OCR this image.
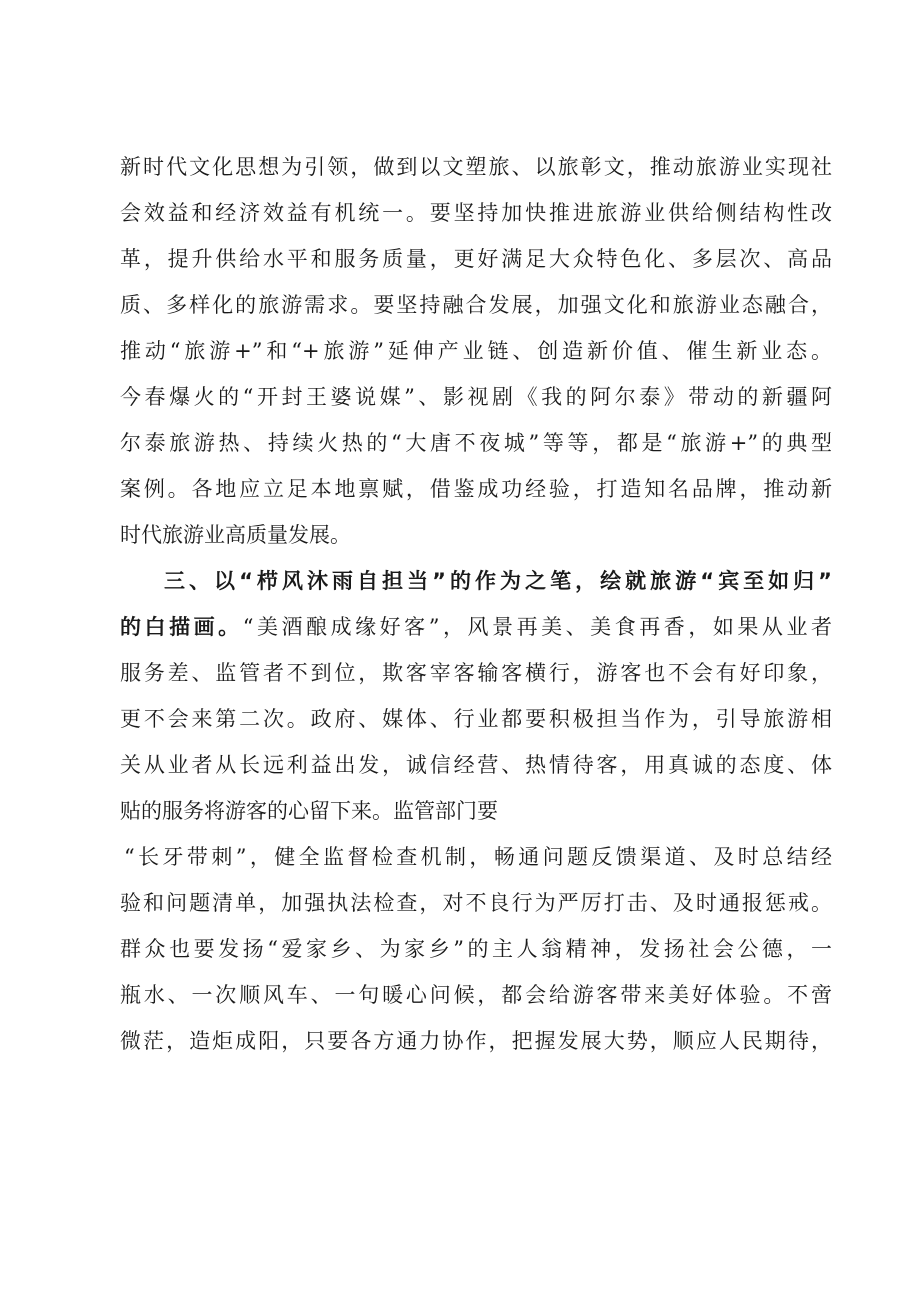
新时代文化思想为引领，做到以文塑旅、以旅彰文，推动旅游业实现社
会效益和经济效益有机统一。要坚持加快推进旅游业供给侧结构性改
革，提升供给水平和服务质量，更好满足大众特色化、多层次、高品
质、多样化的旅游需求。要坚持融合发展，加强文化和旅游业态融合，
推动“旅游+”和“+旅游”延伸产业链、创造新价值、催生新业态。
今春爆火的“开封王婆说媒”、影视剧《我的阿尔泰》带动的新疆阿
尔泰旅游热、持续火热的“大唐不夜城”等等，都是“旅游+”的典型
案例。各地应立足本地禀赋，借鉴成功经验，打造知名品牌，推动新
时代旅游业高质量发展。
三、以“栉风沐雨自担当”的作为之笔，绘就旅游“宾至如归”
的白描画。“美酒酿成缘好客”，风景再美、美食再香，如果从业者
服务差、监管者不到位，欺客宰客输客横行，游客也不会有好印象，
更不会来第二次。政府、媒体、行业都要积极担当作为，引导旅游相
关从业者从长远利益出发，诚信经营、热情待客，用真诚的态度、体
贴的服务将游客的心留下来。监管部门要
“长牙带刺”，健全监督检查机制，畅通问题反馈渠道、及时总结经
验和问题清单，加强执法检查，对不良行为严厉打击、及时通报惩戒。
群众也要发扬“爱家乡、为家乡”的主人翁精神，发扬社会公德，一
瓶水、一次顺风车、一句暖心问候，都会给游客带来美好体验。不啻
微茫，造炬成阳，只要各方通力协作，把握发展大势，顺应人民期待，
